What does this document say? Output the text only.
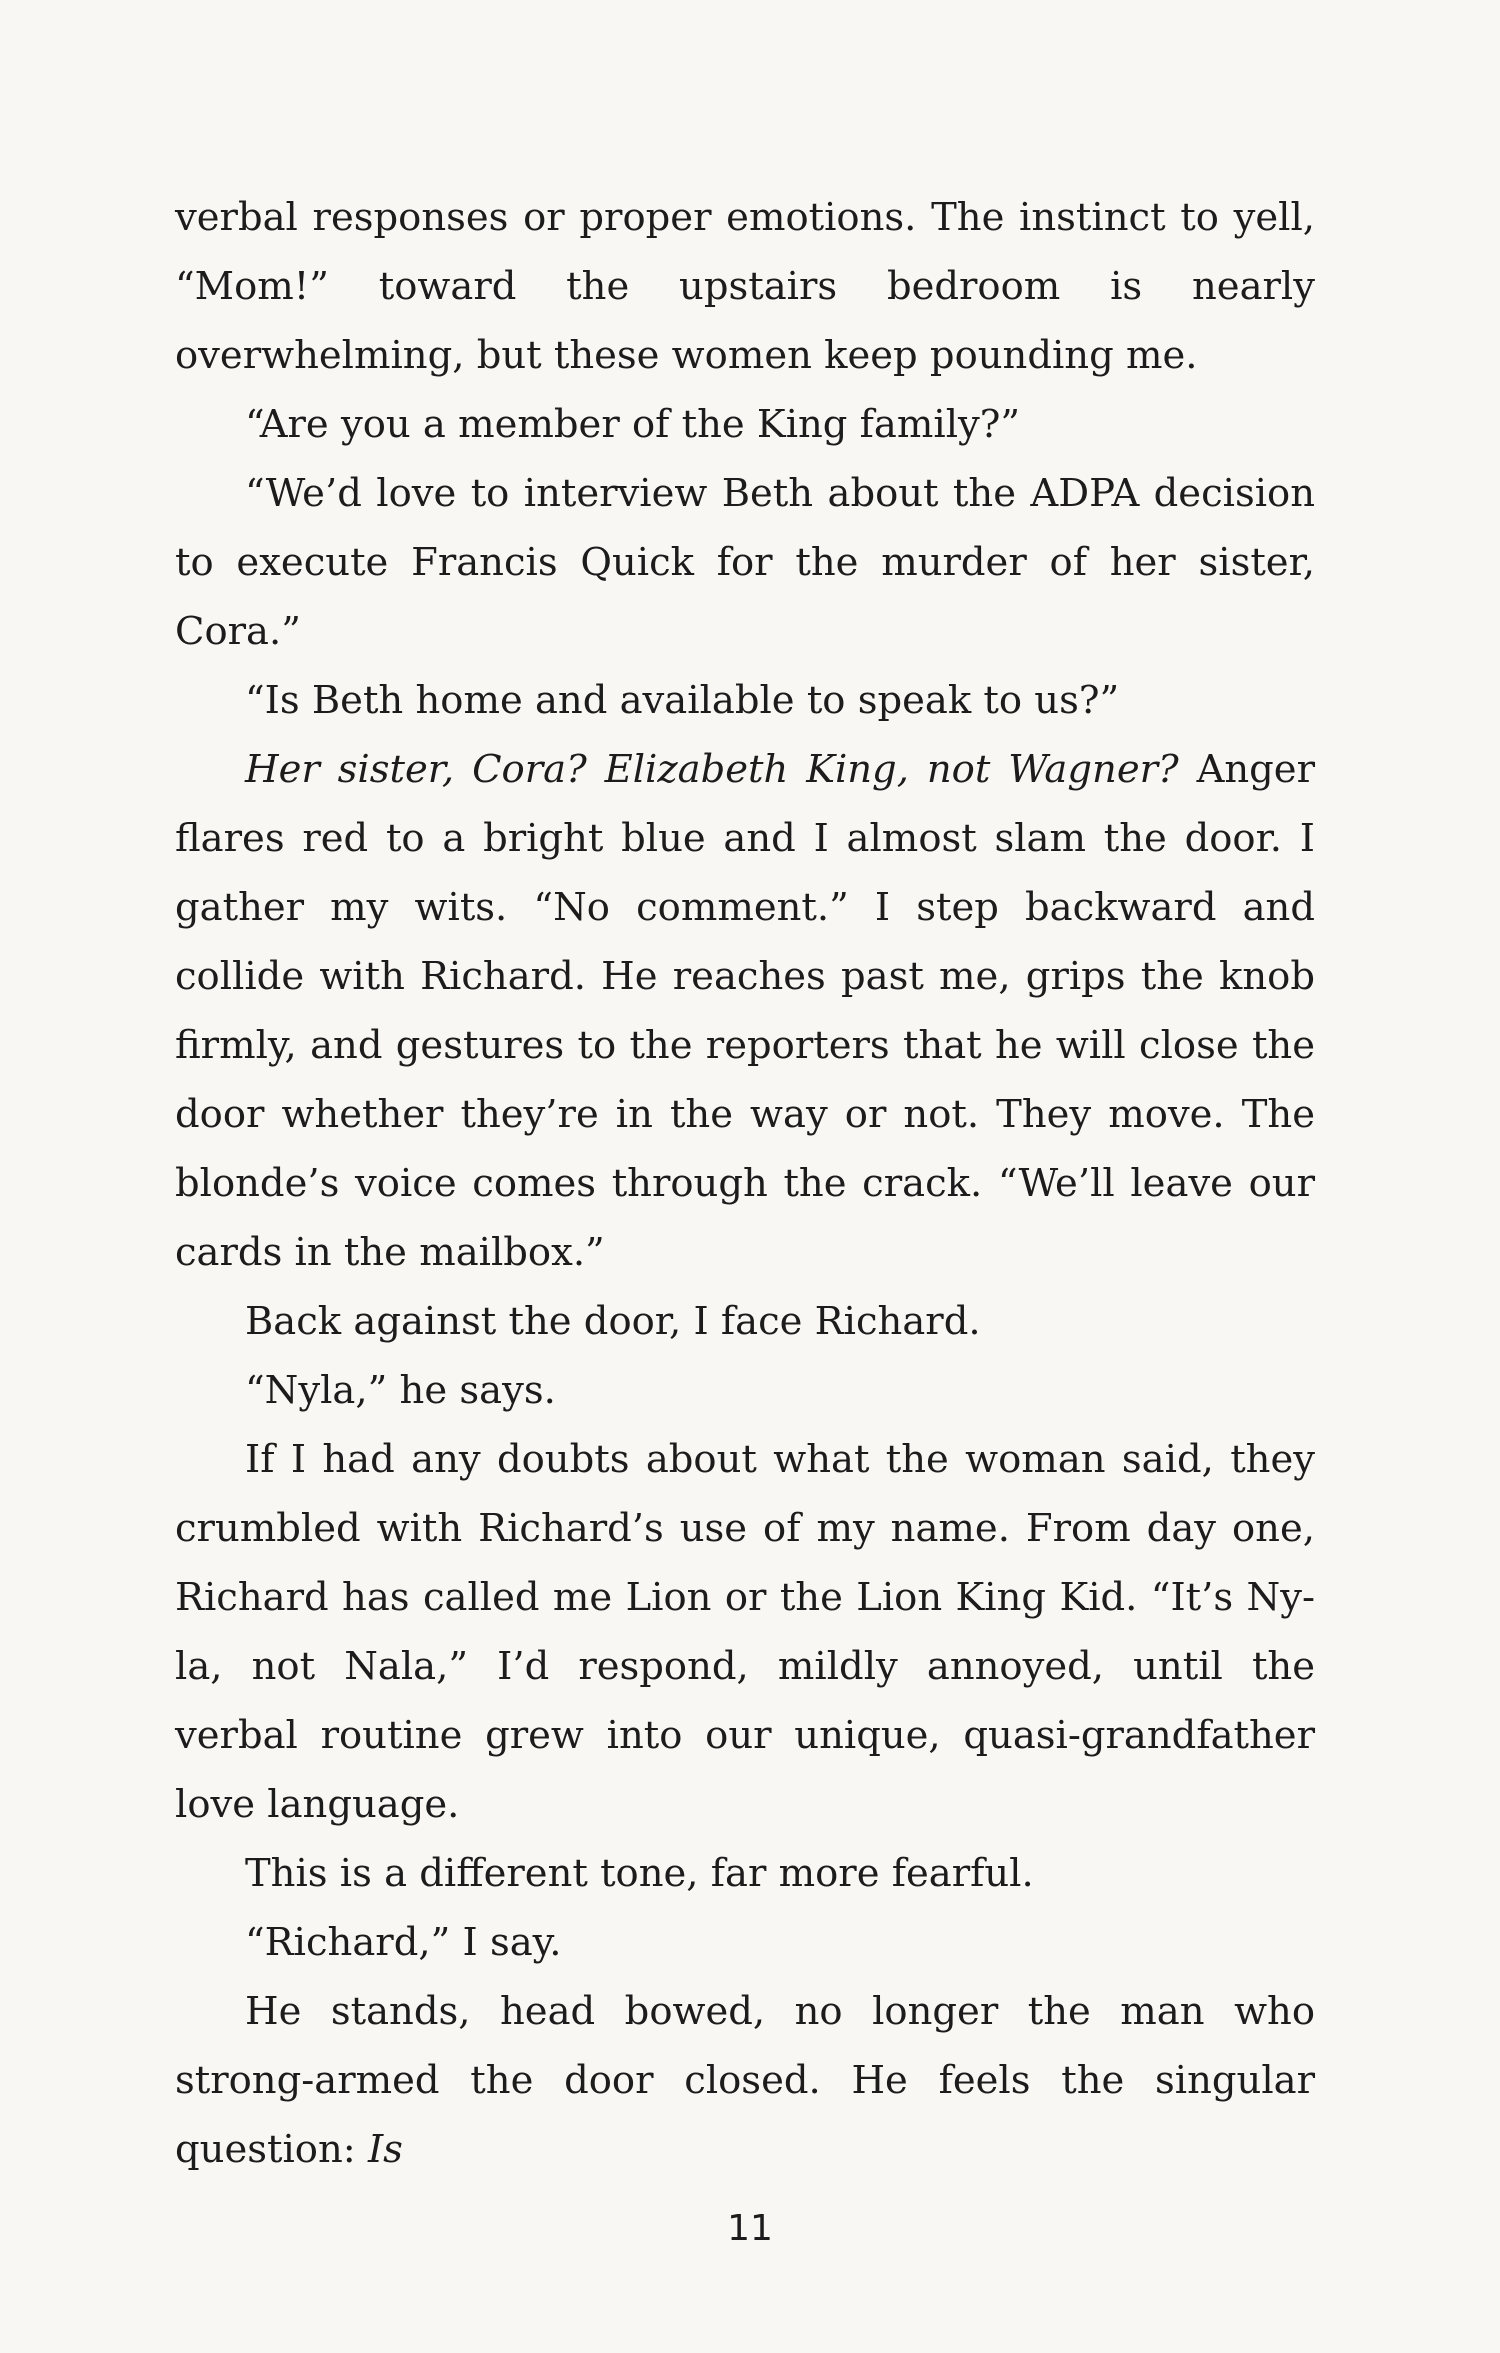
verbal responses or proper emotions. The instinct to yell, “Mom!” toward the upstairs bedroom is nearly overwhelming, but these women keep pounding me.

“Are you a member of the King family?”

“We’d love to interview Beth about the ADPA decision to execute Francis Quick for the murder of her sister, Cora.”

“Is Beth home and available to speak to us?”

Her sister, Cora? Elizabeth King, not Wagner? Anger flares red to a bright blue and I almost slam the door. I gather my wits. “No comment.” I step backward and collide with Richard. He reaches past me, grips the knob firmly, and gestures to the reporters that he will close the door whether they’re in the way or not. They move. The blonde’s voice comes through the crack. “We’ll leave our cards in the mailbox.”

Back against the door, I face Richard.

“Nyla,” he says.

If I had any doubts about what the woman said, they crumbled with Richard’s use of my name. From day one, Richard has called me Lion or the Lion King Kid. “It’s Ny-la, not Nala,” I’d respond, mildly annoyed, until the verbal routine grew into our unique, quasi-grandfather love language.

This is a different tone, far more fearful.

“Richard,” I say.

He stands, head bowed, no longer the man who strong-armed the door closed. He feels the singular question: Is

11
